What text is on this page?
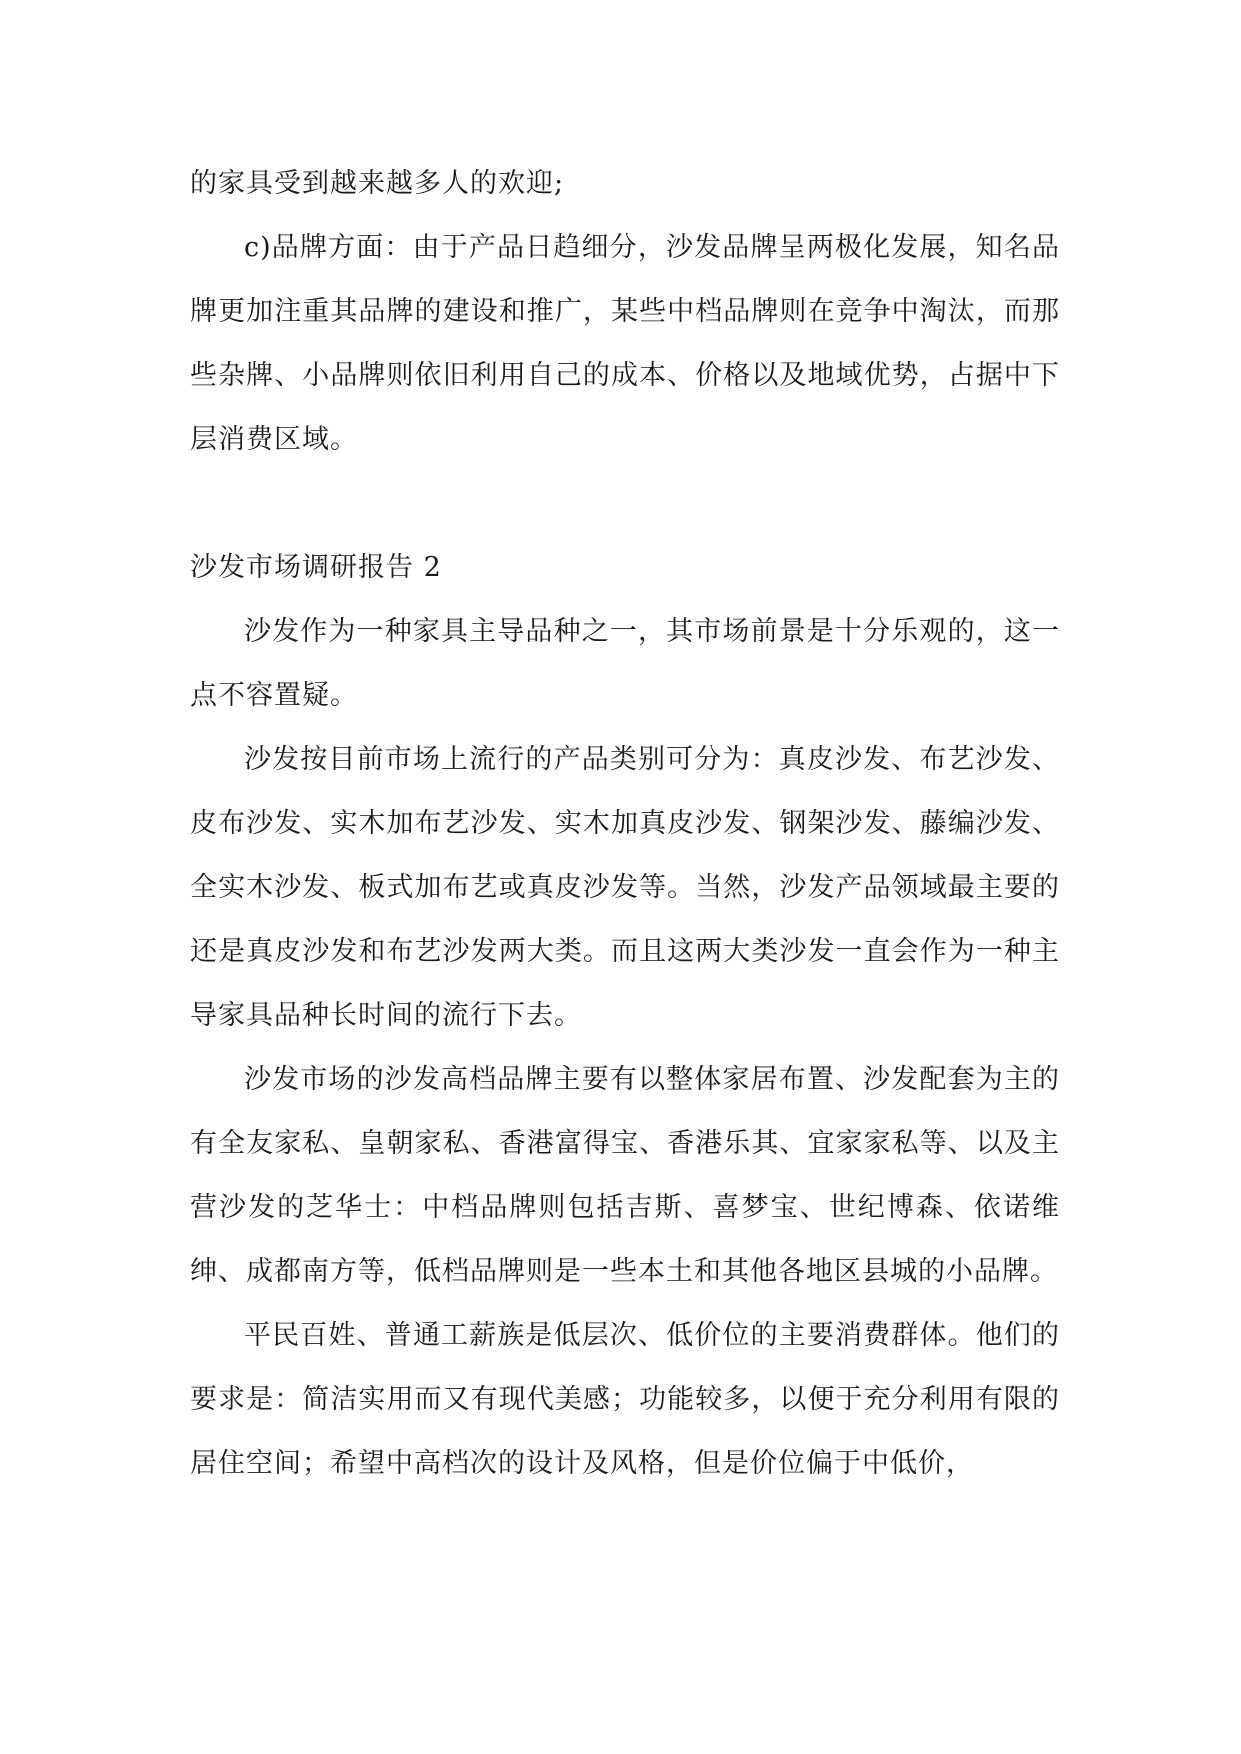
的家具受到越来越多人的欢迎;

c)品牌方面：由于产品日趋细分，沙发品牌呈两极化发展，知名品牌更加注重其品牌的建设和推广，某些中档品牌则在竞争中淘汰，而那些杂牌、小品牌则依旧利用自己的成本、价格以及地域优势，占据中下层消费区域。

沙发市场调研报告 2

沙发作为一种家具主导品种之一，其市场前景是十分乐观的，这一点不容置疑。

沙发按目前市场上流行的产品类别可分为：真皮沙发、布艺沙发、皮布沙发、实木加布艺沙发、实木加真皮沙发、钢架沙发、藤编沙发、全实木沙发、板式加布艺或真皮沙发等。当然，沙发产品领域最主要的还是真皮沙发和布艺沙发两大类。而且这两大类沙发一直会作为一种主导家具品种长时间的流行下去。

沙发市场的沙发高档品牌主要有以整体家居布置、沙发配套为主的有全友家私、皇朝家私、香港富得宝、香港乐其、宜家家私等、以及主营沙发的芝华士：中档品牌则包括吉斯、喜梦宝、世纪博森、依诺维绅、成都南方等，低档品牌则是一些本土和其他各地区县城的小品牌。

平民百姓、普通工薪族是低层次、低价位的主要消费群体。他们的要求是：简洁实用而又有现代美感；功能较多，以便于充分利用有限的居住空间；希望中高档次的设计及风格，但是价位偏于中低价，
